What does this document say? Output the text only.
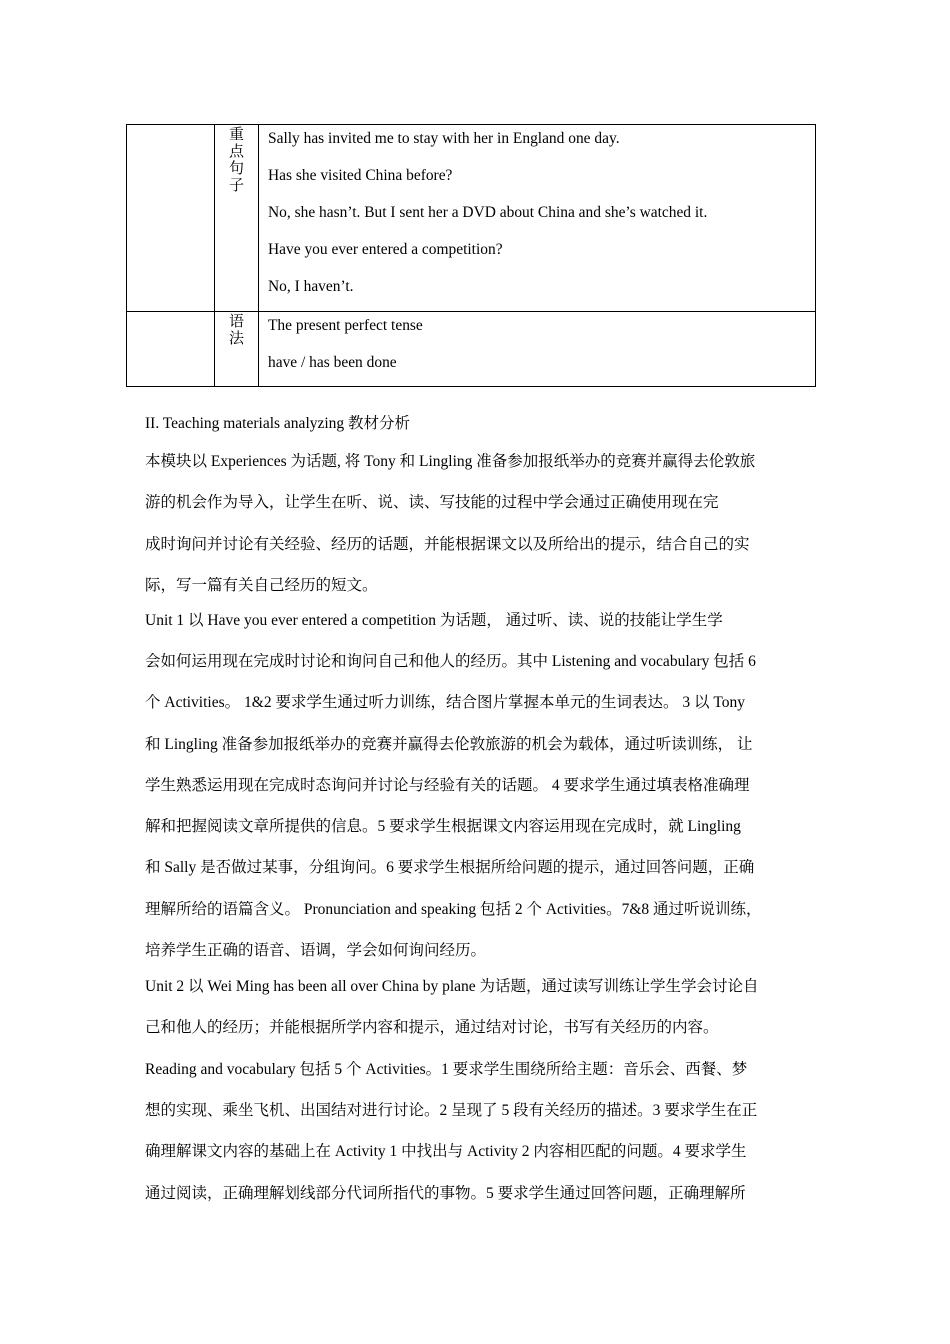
	重点句子	Sally has invited me to stay with her in England one day.
Has she visited China before?
No, she hasn’t. But I sent her a DVD about China and she’s watched it.
Have you ever entered a competition?
No, I haven’t.

	语法	The present perfect tense
have / has been done
II. Teaching materials analyzing 教材分析
本模块以 Experiences 为话题, 将 Tony 和 Lingling 准备参加报纸举办的竞赛并赢得去伦敦旅
游的机会作为导入，让学生在听、说、读、写技能的过程中学会通过正确使用现在完
成时询问并讨论有关经验、经历的话题，并能根据课文以及所给出的提示，结合自己的实
际，写一篇有关自己经历的短文。
Unit 1 以 Have you ever entered a competition 为话题， 通过听、读、说的技能让学生学
会如何运用现在完成时讨论和询问自己和他人的经历。其中 Listening and vocabulary 包括 6
个 Activities。 1&2 要求学生通过听力训练，结合图片掌握本单元的生词表达。 3 以 Tony
和 Lingling 准备参加报纸举办的竞赛并赢得去伦敦旅游的机会为载体，通过听读训练， 让
学生熟悉运用现在完成时态询问并讨论与经验有关的话题。 4 要求学生通过填表格准确理
解和把握阅读文章所提供的信息。5 要求学生根据课文内容运用现在完成时，就 Lingling
和 Sally 是否做过某事，分组询问。6 要求学生根据所给问题的提示，通过回答问题，正确
理解所给的语篇含义。 Pronunciation and speaking 包括 2 个 Activities。7&8 通过听说训练，
培养学生正确的语音、语调，学会如何询问经历。
Unit 2 以 Wei Ming has been all over China by plane 为话题，通过读写训练让学生学会讨论自
己和他人的经历；并能根据所学内容和提示，通过结对讨论，书写有关经历的内容。
Reading and vocabulary 包括 5 个 Activities。1 要求学生围绕所给主题：音乐会、西餐、梦
想的实现、乘坐飞机、出国结对进行讨论。2 呈现了 5 段有关经历的描述。3 要求学生在正
确理解课文内容的基础上在 Activity 1 中找出与 Activity 2 内容相匹配的问题。4 要求学生
通过阅读，正确理解划线部分代词所指代的事物。5 要求学生通过回答问题，正确理解所
